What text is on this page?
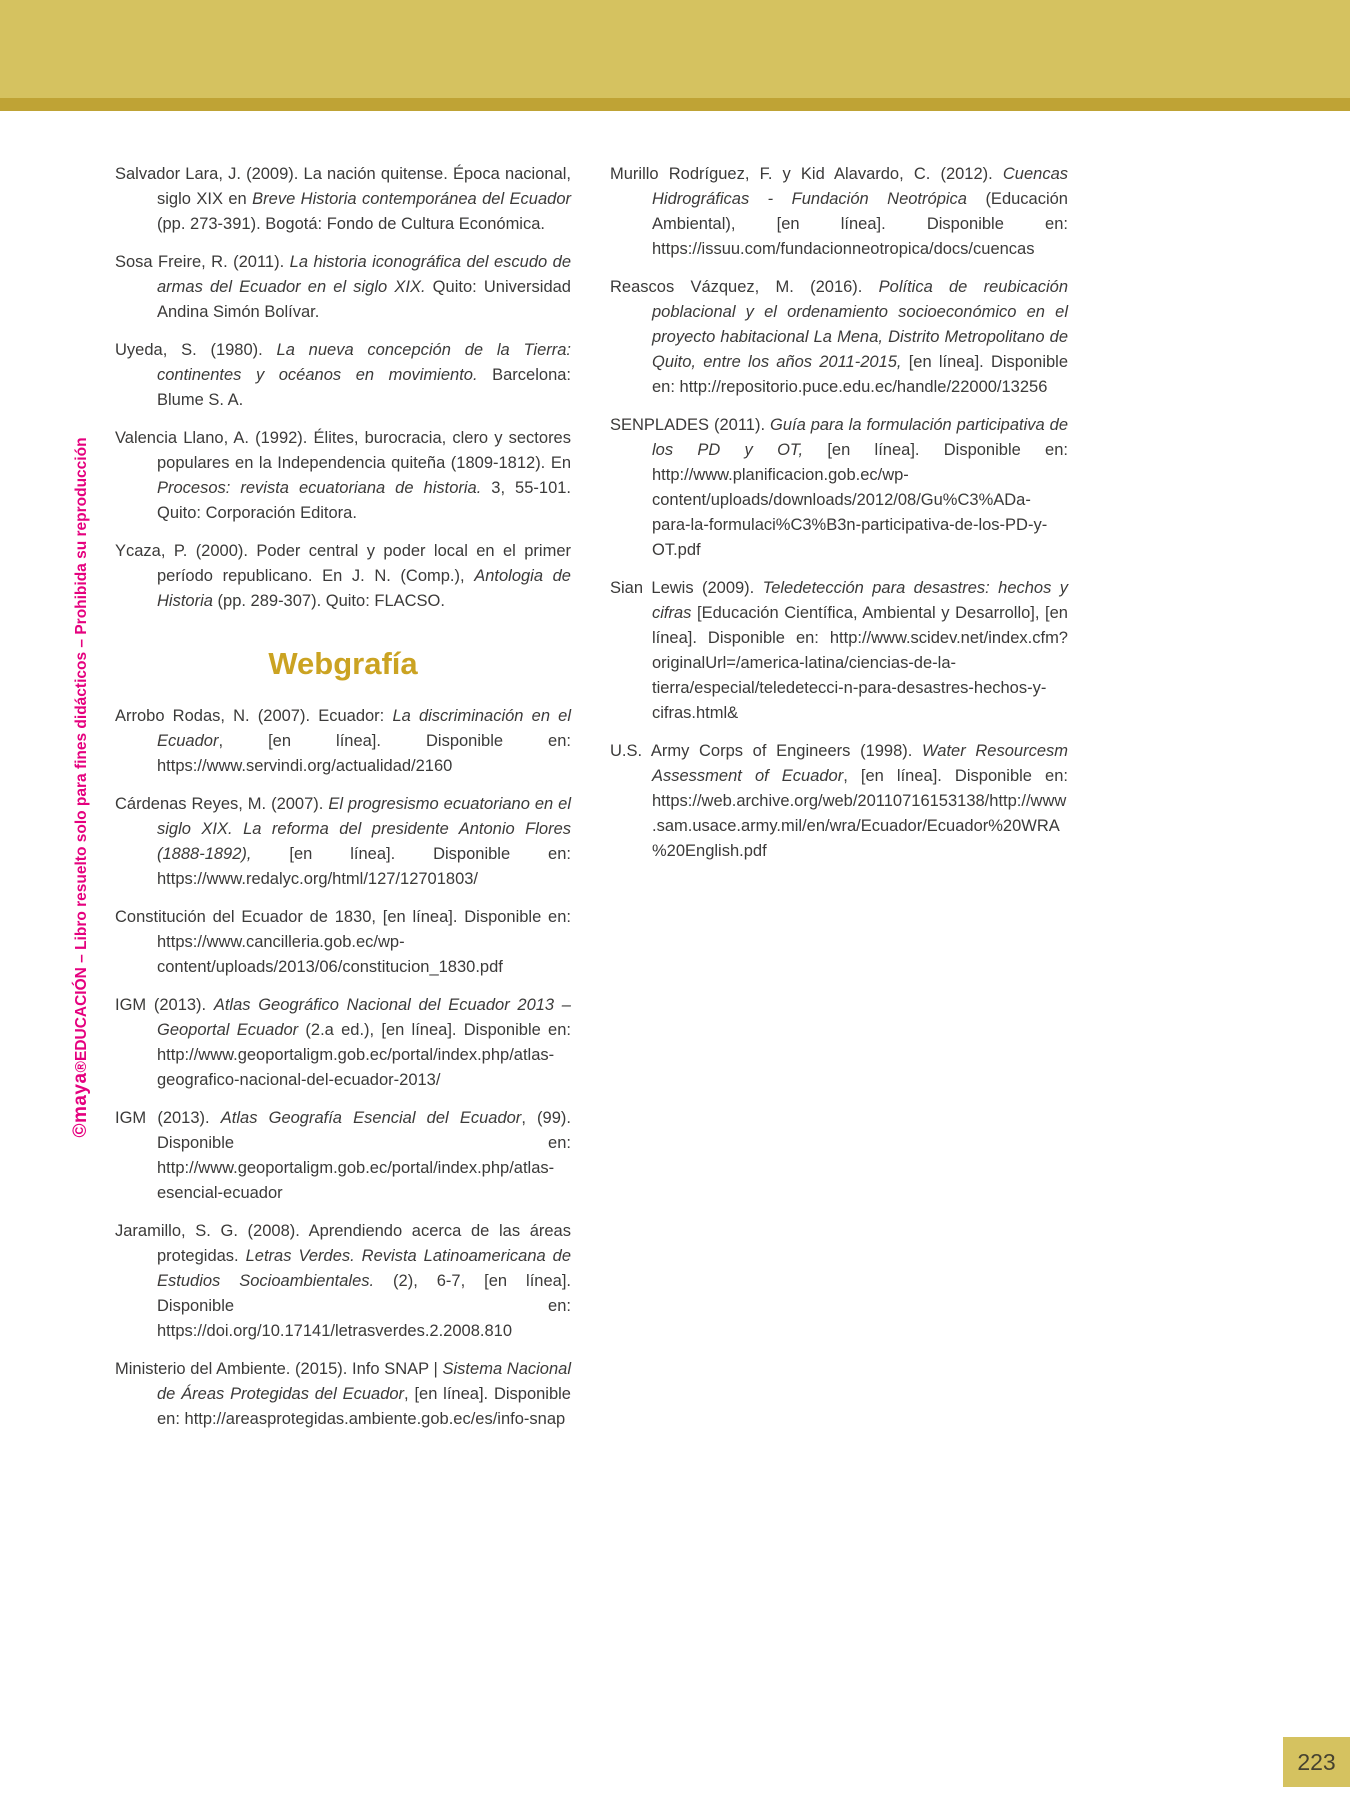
©maya®EDUCACIÓN – Libro resuelto solo para fines didácticos – Prohibida su reproducción

Salvador Lara, J. (2009). La nación quitense. Época nacional, siglo XIX en Breve Historia contemporánea del Ecuador (pp. 273-391). Bogotá: Fondo de Cultura Económica.

Sosa Freire, R. (2011). La historia iconográfica del escudo de armas del Ecuador en el siglo XIX. Quito: Universidad Andina Simón Bolívar.

Uyeda, S. (1980). La nueva concepción de la Tierra: continentes y océanos en movimiento. Barcelona: Blume S. A.

Valencia Llano, A. (1992). Élites, burocracia, clero y sectores populares en la Independencia quiteña (1809-1812). En Procesos: revista ecuatoriana de historia. 3, 55-101. Quito: Corporación Editora.

Ycaza, P. (2000). Poder central y poder local en el primer período republicano. En J. N. (Comp.), Antologia de Historia (pp. 289-307). Quito: FLACSO.

Webgrafía

Arrobo Rodas, N. (2007). Ecuador: La discriminación en el Ecuador, [en línea]. Disponible en: https://www.servindi.org/actualidad/2160

Cárdenas Reyes, M. (2007). El progresismo ecuatoriano en el siglo XIX. La reforma del presidente Antonio Flores (1888-1892), [en línea]. Disponible en: https://www.redalyc.org/html/127/12701803/

Constitución del Ecuador de 1830, [en línea]. Disponible en: https://www.cancilleria.gob.ec/wp-content/uploads/2013/06/constitucion_1830.pdf

IGM (2013). Atlas Geográfico Nacional del Ecuador 2013 – Geoportal Ecuador (2.a ed.), [en línea]. Disponible en: http://www.geoportaligm.gob.ec/portal/index.php/atlas-geografico-nacional-del-ecuador-2013/

IGM (2013). Atlas Geografía Esencial del Ecuador, (99). Disponible en: http://www.geoportaligm.gob.ec/portal/index.php/atlas-esencial-ecuador

Jaramillo, S. G. (2008). Aprendiendo acerca de las áreas protegidas. Letras Verdes. Revista Latinoamericana de Estudios Socioambientales. (2), 6-7, [en línea]. Disponible en: https://doi.org/10.17141/letrasverdes.2.2008.810

Ministerio del Ambiente. (2015). Info SNAP | Sistema Nacional de Áreas Protegidas del Ecuador, [en línea]. Disponible en: http://areasprotegidas.ambiente.gob.ec/es/info-snap

Murillo Rodríguez, F. y Kid Alavardo, C. (2012). Cuencas Hidrográficas - Fundación Neotrópica (Educación Ambiental), [en línea]. Disponible en: https://issuu.com/fundacionneotropica/docs/cuencas

Reascos Vázquez, M. (2016). Política de reubicación poblacional y el ordenamiento socioeconómico en el proyecto habitacional La Mena, Distrito Metropolitano de Quito, entre los años 2011-2015, [en línea]. Disponible en: http://repositorio.puce.edu.ec/handle/22000/13256

SENPLADES (2011). Guía para la formulación participativa de los PD y OT, [en línea]. Disponible en: http://www.planificacion.gob.ec/wp-content/uploads/downloads/2012/08/Gu%C3%ADa-para-la-formulaci%C3%B3n-participativa-de-los-PD-y-OT.pdf

Sian Lewis (2009). Teledetección para desastres: hechos y cifras [Educación Científica, Ambiental y Desarrollo], [en línea]. Disponible en: http://www.scidev.net/index.cfm?originalUrl=/america-latina/ciencias-de-la-tierra/especial/teledetecci-n-para-desastres-hechos-y-cifras.html&

U.S. Army Corps of Engineers (1998). Water Resourcesm Assessment of Ecuador, [en línea]. Disponible en: https://web.archive.org/web/20110716153138/http://www.sam.usace.army.mil/en/wra/Ecuador/Ecuador%20WRA%20English.pdf

223
